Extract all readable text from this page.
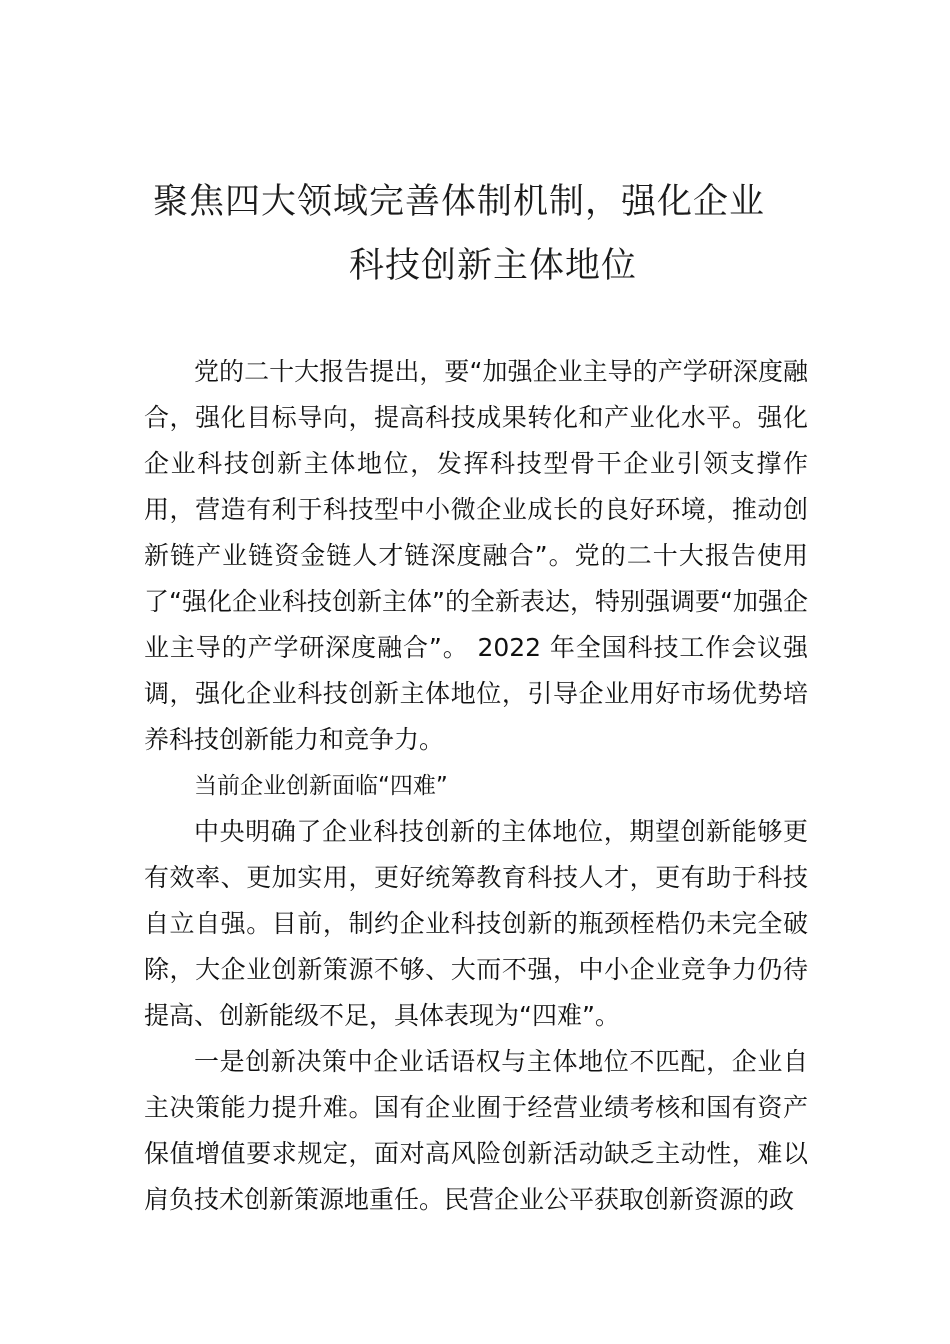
聚焦四大领域完善体制机制，强化企业
科技创新主体地位

党的二十大报告提出，要“加强企业主导的产学研深度融合，强化目标导向，提高科技成果转化和产业化水平。强化企业科技创新主体地位，发挥科技型骨干企业引领支撑作用，营造有利于科技型中小微企业成长的良好环境，推动创新链产业链资金链人才链深度融合”。党的二十大报告使用 了“强化企业科技创新主体”的全新表达，特别强调要“加强企业主导的产学研深度融合”。 2022 年全国科技工作会议强调，强化企业科技创新主体地位，引导企业用好市场优势培养科技创新能力和竞争力。

当前企业创新面临“四难”

中央明确了企业科技创新的主体地位，期望创新能够更有效率、更加实用，更好统筹教育科技人才，更有助于科技自立自强。目前，制约企业科技创新的瓶颈桎梏仍未完全破除，大企业创新策源不够、大而不强，中小企业竞争力仍待提高、创新能级不足，具体表现为“四难”。

一是创新决策中企业话语权与主体地位不匹配，企业自主决策能力提升难。国有企业囿于经营业绩考核和国有资产保值增值要求规定，面对高风险创新活动缺乏主动性，难以肩负技术创新策源地重任。民营企业公平获取创新资源的政
